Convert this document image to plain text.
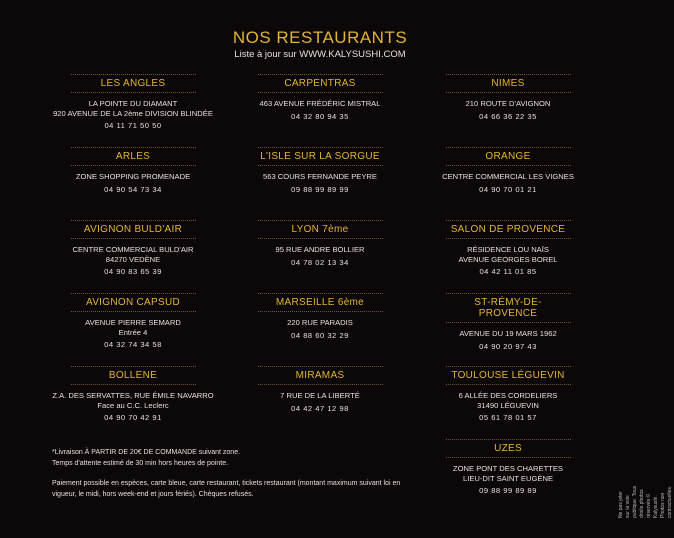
NOS RESTAURANTS
Liste à jour sur WWW.KALYSUSHI.COM
LES ANGLES
LA POINTE DU DIAMANT
920 AVENUE DE LA 2ème DIVISION BLINDÉE
04 11 71 50 50
ARLES
ZONE SHOPPING PROMENADE
04 90 54 73 34
AVIGNON BULD'AIR
CENTRE COMMERCIAL BULD'AIR
84270 VEDÈNE
04 90 83 65 39
AVIGNON CAPSUD
AVENUE PIERRE SEMARD
Entrée 4
04 32 74 34 58
BOLLENE
Z.A. DES SERVATTES, RUE ÉMILE NAVARRO
Face au C.C. Leclerc
04 90 70 42 91
CARPENTRAS
463 AVENUE FRÉDÉRIC MISTRAL
04 32 80 94 35
L'ISLE SUR LA SORGUE
563 COURS FERNANDE PEYRE
09 88 99 89 99
LYON 7ème
95 RUE ANDRE BOLLIER
04 78 02 13 34
MARSEILLE 6ème
220 RUE PARADIS
04 88 60 32 29
MIRAMAS
7 RUE DE LA LIBERTÉ
04 42 47 12 98
NIMES
210 ROUTE D'AVIGNON
04 66 36 22 35
ORANGE
CENTRE COMMERCIAL LES VIGNES
04 90 70 01 21
SALON DE PROVENCE
RÉSIDENCE LOU NAÏS
AVENUE GEORGES BOREL
04 42 11 01 85
ST-RÉMY-DE-PROVENCE
AVENUE DU 19 MARS 1962
04 90 20 97 43
TOULOUSE LÉGUEVIN
6 ALLÉE DES CORDELIERS
31490 LÉGUEVIN
05 61 78 01 57
UZES
ZONE PONT DES CHARETTES
LIEU-DIT SAINT EUGÈNE
09 88 99 89 89

*Livraison À PARTIR DE 20€ DE COMMANDE suivant zone.
Temps d'attente estimé de 30 min hors heures de pointe.

Paiement possible en espèces, carte bleue, carte restaurant, tickets restaurant (montant maximum suivant loi en vigueur, le midi, hors week-end et jours fériés). Chèques refusés.

Ne pas jeter sur la voie publique. Tous droits photos réservés © Kalysushi.
Photos non contractuelles.
